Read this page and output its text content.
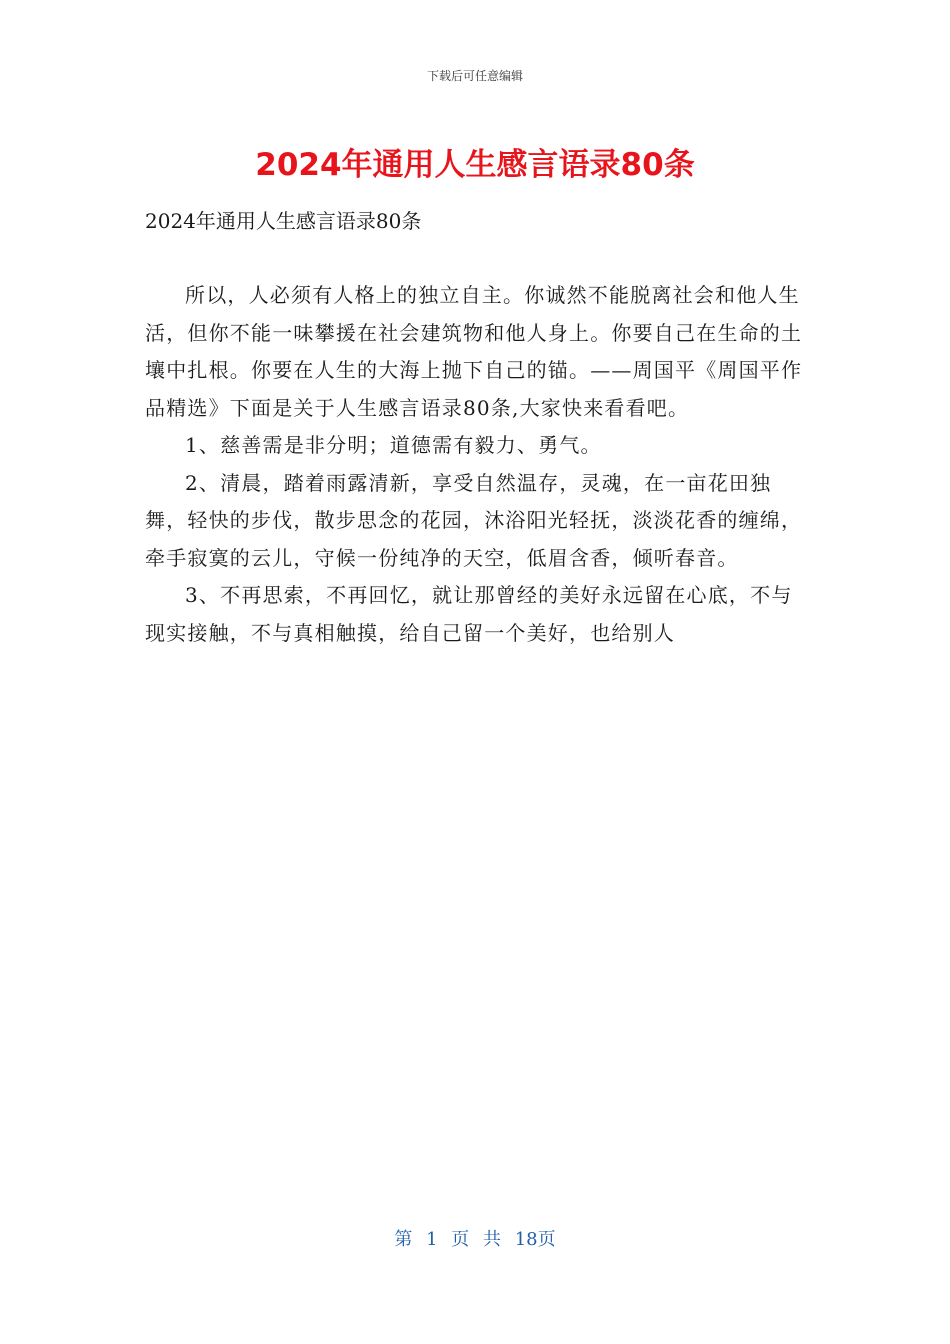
下载后可任意编辑
2024年通用人生感言语录80条

2024年通用人生感言语录80条

所以，人必须有人格上的独立自主。你诚然不能脱离社会和他人生活，但你不能一味攀援在社会建筑物和他人身上。你要自己在生命的土壤中扎根。你要在人生的大海上抛下自己的锚。——周国平《周国平作品精选》下面是关于人生感言语录80条,大家快来看看吧。

1、慈善需是非分明；道德需有毅力、勇气。

2、清晨，踏着雨露清新，享受自然温存，灵魂，在一亩花田独舞，轻快的步伐，散步思念的花园，沐浴阳光轻抚，淡淡花香的缠绵，牵手寂寞的云儿，守候一份纯净的天空，低眉含香，倾听春音。

3、不再思索，不再回忆，就让那曾经的美好永远留在心底，不与现实接触，不与真相触摸，给自己留一个美好，也给别人

第 1 页 共 18页
